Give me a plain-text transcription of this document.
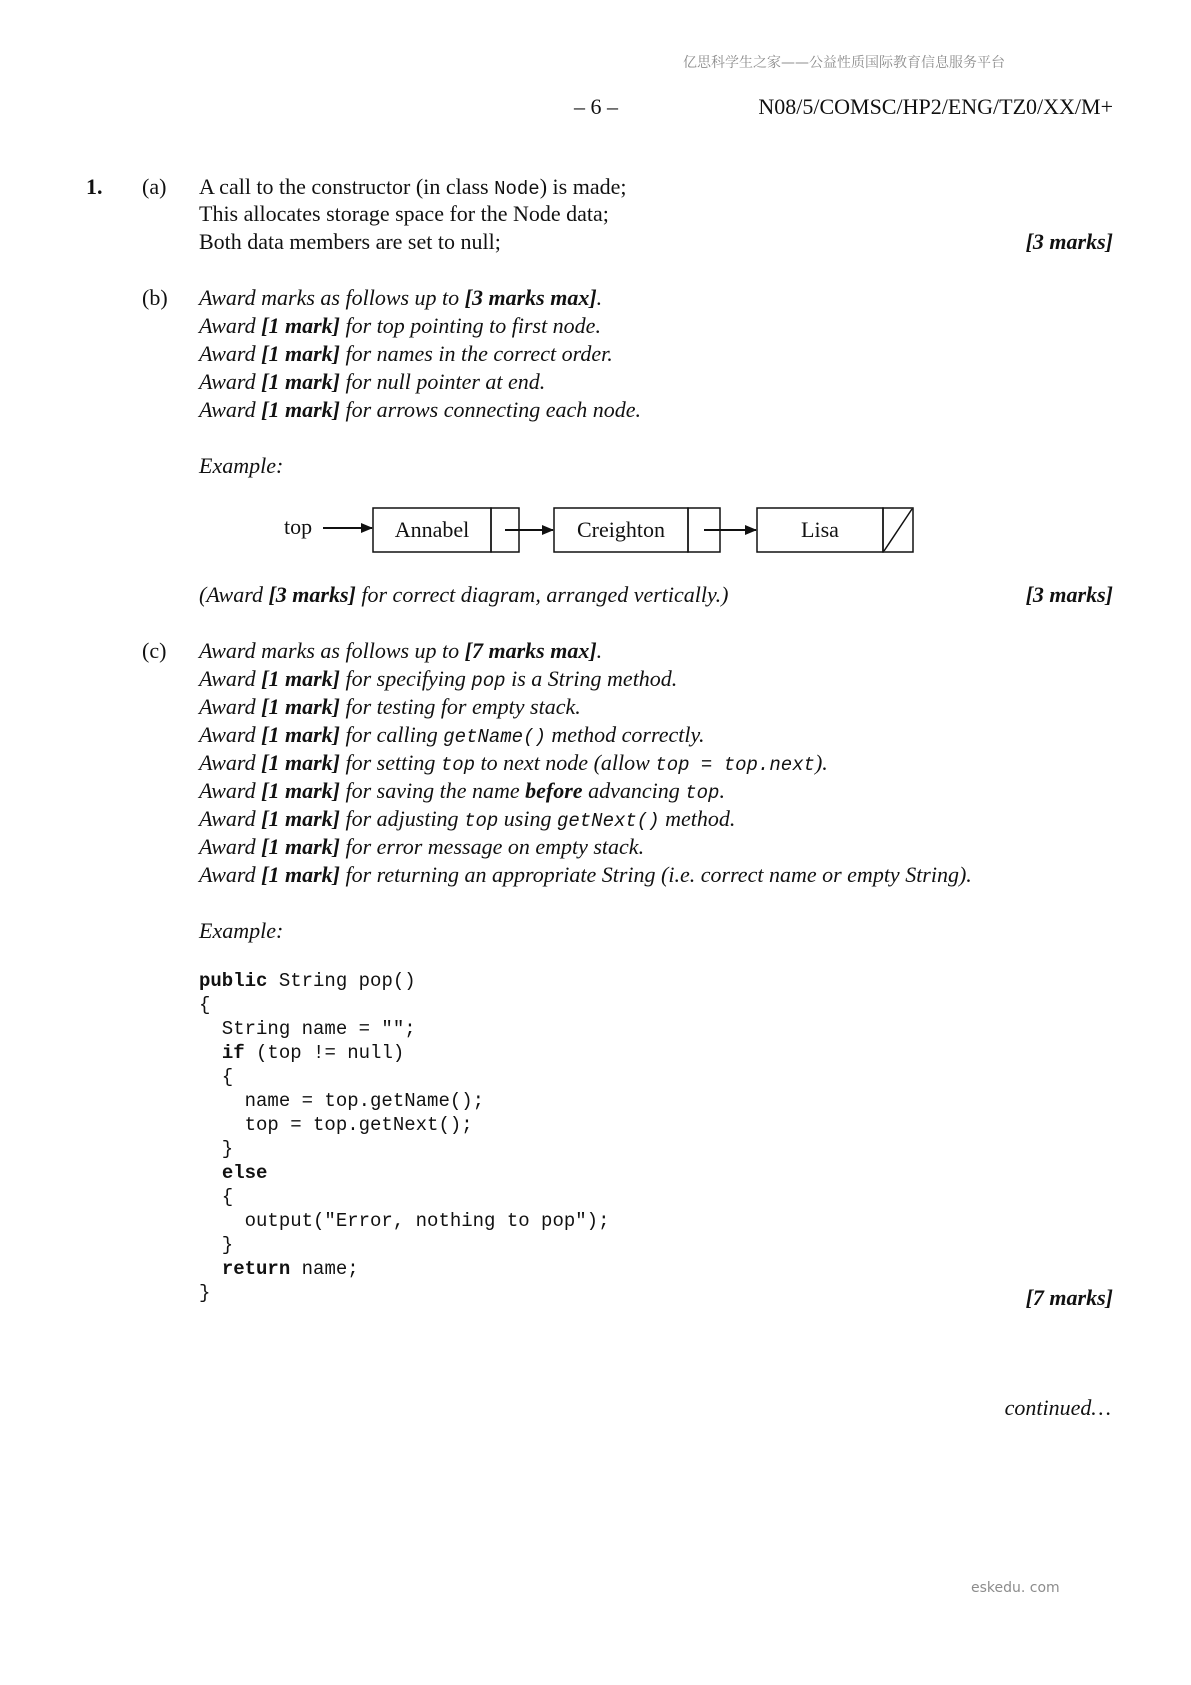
亿思科学生之家——公益性质国际教育信息服务平台
– 6 –	N08/5/COMSC/HP2/ENG/TZ0/XX/M+
1. (a) A call to the constructor (in class Node) is made;
This allocates storage space for the Node data;
Both data members are set to null;	[3 marks]
(b) Award marks as follows up to [3 marks max].
Award [1 mark] for top pointing to first node.
Award [1 mark] for names in the correct order.
Award [1 mark] for null pointer at end.
Award [1 mark] for arrows connecting each node.
Example:
top	Annabel	Creighton	Lisa
(Award [3 marks] for correct diagram, arranged vertically.)	[3 marks]
(c) Award marks as follows up to [7 marks max].
Award [1 mark] for specifying pop is a String method.
Award [1 mark] for testing for empty stack.
Award [1 mark] for calling getName() method correctly.
Award [1 mark] for setting top to next node (allow top = top.next).
Award [1 mark] for saving the name before advancing top.
Award [1 mark] for adjusting top using getNext() method.
Award [1 mark] for error message on empty stack.
Award [1 mark] for returning an appropriate String (i.e. correct name or empty String).
Example:
public String pop()
{
String name = "";
if (top != null)
{
name = top.getName();
top = top.getNext();
}
else
{
output("Error, nothing to pop");
}
return name;
}	[7 marks]
continued…
eskedu. com
